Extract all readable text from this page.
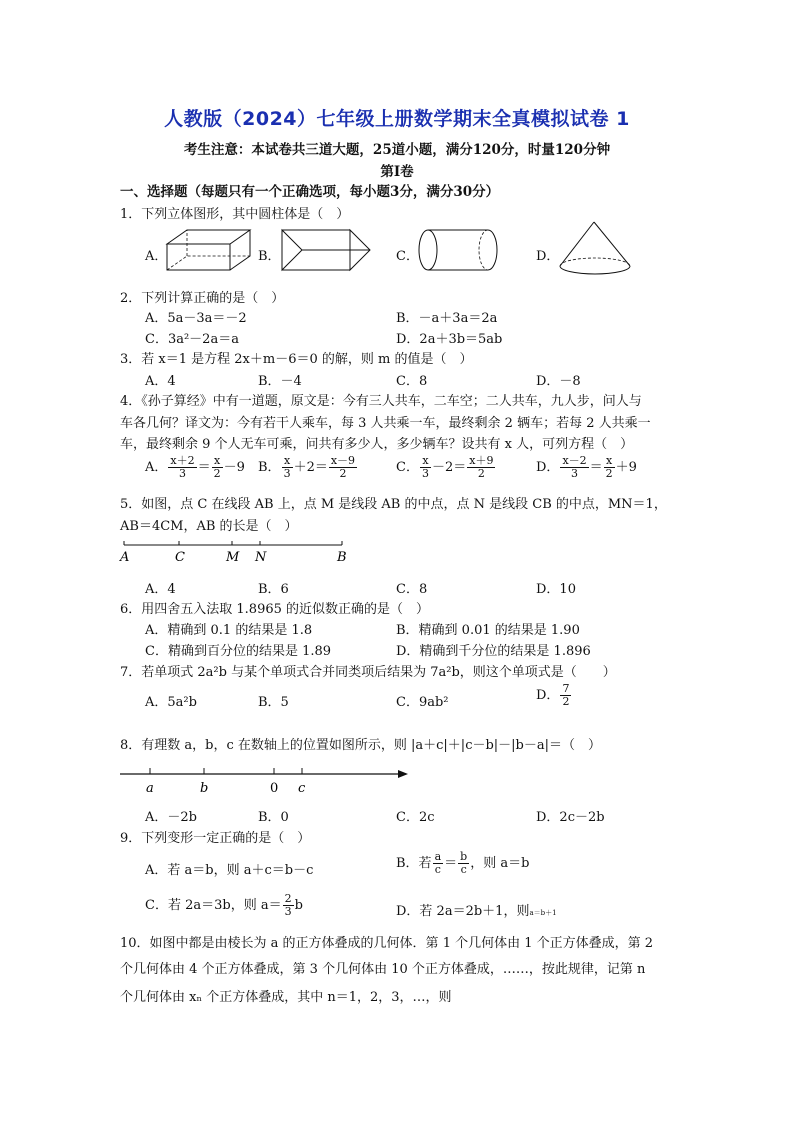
人教版（2024）七年级上册数学期末全真模拟试卷 1
考生注意：本试卷共三道大题，25道小题，满分120分，时量120分钟
第Ⅰ卷
一、选择题（每题只有一个正确选项，每小题3分，满分30分）
1．下列立体图形，其中圆柱体是（　）
A．	B．	C．	D．
2．下列计算正确的是（　）
A．5a－3a＝－2	B．－a＋3a＝2a
C．3a²－2a＝a	D．2a＋3b＝5ab
3．若 x＝1 是方程 2x＋m－6＝0 的解，则 m 的值是（　）
A．4	B．－4	C．8	D．－8
4．《孙子算经》中有一道题，原文是：今有三人共车，二车空；二人共车，九人步，问人与
车各几何？译文为：今有若干人乘车，每 3 人共乘一车，最终剩余 2 辆车；若每 2 人共乘一
车，最终剩余 9 个人无车可乘，问共有多少人，多少辆车？设共有 x 人，可列方程（　）
A． $\frac{x+2}{3} = \frac{x}{2} -9$ B． $\frac{x}{3} +2= \frac{x-9}{2}$	C． $\frac{x}{3} -2= \frac{x+9}{2}$	D． $\frac{x-2}{3} = \frac{x}{2} +9$
5．如图，点 C 在线段 AB 上，点 M 是线段 AB 的中点，点 N 是线段 CB 的中点，MN＝1，
AB＝4CM，AB 的长是（　）
A	C	M N	B
A．4	B．6	C．8	D．10
6．用四舍五入法取 1.8965 的近似数正确的是（　）
A．精确到 0.1 的结果是 1.8	B．精确到 0.01 的结果是 1.90
C．精确到百分位的结果是 1.89	D．精确到千分位的结果是 1.896
7．若单项式 2a²b 与某个单项式合并同类项后结果为 7a²b，则这个单项式是（　　）
A．5a²b	B．5	C．9ab²	D． $\frac{7}{2}$
8．有理数 a，b，c 在数轴上的位置如图所示，则 |a＋c|＋|c－b|－|b－a|＝（　）
a	b	0 c
A．－2b	B．0	C．2c	D．2c－2b
9．下列变形一定正确的是（　）
A．若 a＝b，则 a＋c＝b－c	B．若 $\frac{a}{c} = \frac{b}{c}$ ，则 a＝b
C．若 2a＝3b，则 $a= \frac{2}{3}$ b	D．若 2a＝2b＋1，则a＝b＋1
10．如图中都是由棱长为 a 的正方体叠成的几何体．第 1 个几何体由 1 个正方体叠成，第 2
个几何体由 4 个正方体叠成，第 3 个几何体由 10 个正方体叠成，……，按此规律，记第 n
个几何体由 xₙ 个正方体叠成，其中 n＝1，2，3，…，则
